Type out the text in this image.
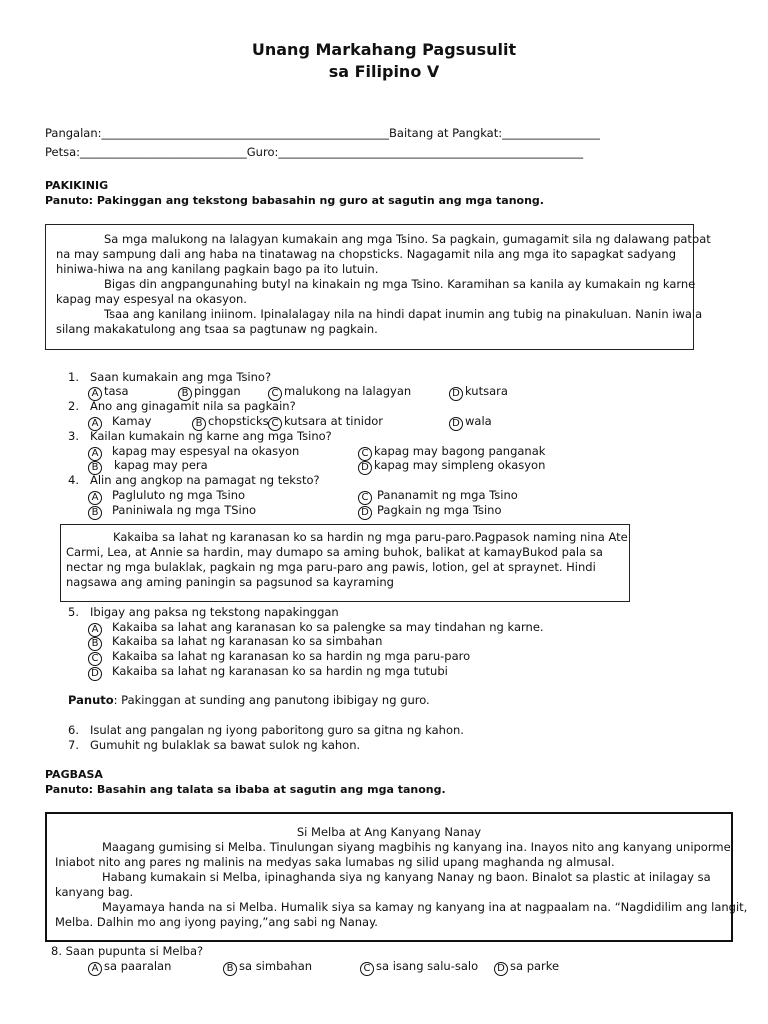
Unang Markahang Pagsusulit
sa Filipino V
Pangalan:__________________________________________________Baitang at Pangkat:_________________
Petsa:_____________________________Guro:_____________________________________________________
PAKIKINIG
Panuto: Pakinggan ang tekstong babasahin ng guro at sagutin ang mga tanong.
Sa mga malukong na lalagyan kumakain ang mga Tsino. Sa pagkain, gumagamit sila ng dalawang patpat
na may sampung dali ang haba na tinatawag na chopsticks. Nagagamit nila ang mga ito sapagkat sadyang
hiniwa-hiwa na ang kanilang pagkain bago pa ito lutuin.
Bigas din angpangunahing butyl na kinakain ng mga Tsino. Karamihan sa kanila ay kumakain ng karne
kapag may espesyal na okasyon.
Tsaa ang kanilang iniinom. Ipinalalagay nila na hindi dapat inumin ang tubig na pinakuluan. Nanin iwala
silang makakatulong ang tsaa sa pagtunaw ng pagkain.
1. Saan kumakain ang mga Tsino?
A tasa	B pinggan	C malukong na lalagyan	D kutsara
2. Ano ang ginagamit nila sa pagkain?
A Kamay	B chopsticks C kutsara at tinidor	D wala
3. Kailan kumakain ng karne ang mga Tsino?
A kapag may espesyal na okasyon	C kapag may bagong panganak
B kapag may pera	D kapag may simpleng okasyon
4. Alin ang angkop na pamagat ng teksto?
A Pagluluto ng mga Tsino	C Pananamit ng mga Tsino
B Paniniwala ng mga TSino	D Pagkain ng mga Tsino
Kakaiba sa lahat ng karanasan ko sa hardin ng mga paru-paro.Pagpasok naming nina Ate
Carmi, Lea, at Annie sa hardin, may dumapo sa aming buhok, balikat at kamayBukod pala sa
nectar ng mga bulaklak, pagkain ng mga paru-paro ang pawis, lotion, gel at spraynet. Hindi
nagsawa ang aming paningin sa pagsunod sa kayraming
5. Ibigay ang paksa ng tekstong napakinggan
A Kakaiba sa lahat ang karanasan ko sa palengke sa may tindahan ng karne.
B Kakaiba sa lahat ng karanasan ko sa simbahan
C Kakaiba sa lahat ng karanasan ko sa hardin ng mga paru-paro
D Kakaiba sa lahat ng karanasan ko sa hardin ng mga tutubi
Panuto: Pakinggan at sunding ang panutong ibibigay ng guro.
6. Isulat ang pangalan ng iyong paboritong guro sa gitna ng kahon.
7. Gumuhit ng bulaklak sa bawat sulok ng kahon.
PAGBASA
Panuto: Basahin ang talata sa ibaba at sagutin ang mga tanong.
Si Melba at Ang Kanyang Nanay
Maagang gumising si Melba. Tinulungan siyang magbihis ng kanyang ina. Inayos nito ang kanyang uniporme.
Iniabot nito ang pares ng malinis na medyas saka lumabas ng silid upang maghanda ng almusal.
Habang kumakain si Melba, ipinaghanda siya ng kanyang Nanay ng baon. Binalot sa plastic at inilagay sa
kanyang bag.
Mayamaya handa na si Melba. Humalik siya sa kamay ng kanyang ina at nagpaalam na. “Nagdidilim ang langit,
Melba. Dalhin mo ang iyong paying,”ang sabi ng Nanay.
8. Saan pupunta si Melba?
A sa paaralan	B sa simbahan	C sa isang salu-salo	D sa parke
